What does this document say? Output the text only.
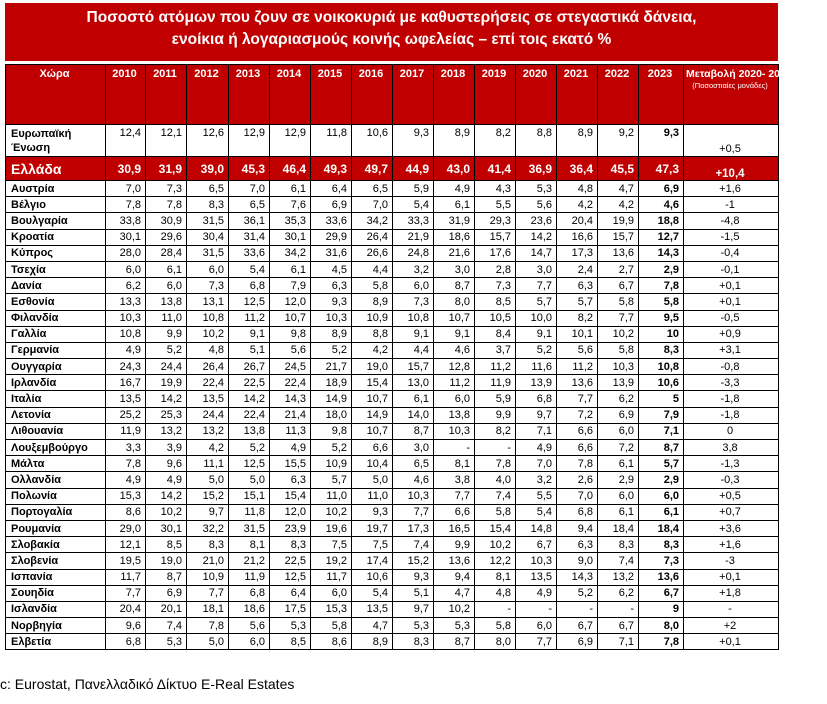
Ποσοστό ατόμων που ζουν σε νοικοκυριά με καθυστερήσεις σε στεγαστικά δάνεια,
ενοίκια ή λογαριασμούς κοινής ωφελείας – επί τοις εκατό %
Χώρα	2010	2011	2012	2013	2014	2015	2016	2017	2018	2019	2020	2021	2022	2023	Μεταβολή 2020- 2023
(Ποσοστιαίες μονάδες)

Ευρωπαϊκή Ένωση	12,4	12,1	12,6	12,9	12,9	11,8	10,6	9,3	8,9	8,2	8,8	8,9	9,2	9,3	+0,5
Ελλάδα	30,9	31,9	39,0	45,3	46,4	49,3	49,7	44,9	43,0	41,4	36,9	36,4	45,5	47,3	+10,4
Αυστρία	7,0	7,3	6,5	7,0	6,1	6,4	6,5	5,9	4,9	4,3	5,3	4,8	4,7	6,9	+1,6
Βέλγιο	7,8	7,8	8,3	6,5	7,6	6,9	7,0	5,4	6,1	5,5	5,6	4,2	4,2	4,6	-1
Βουλγαρία	33,8	30,9	31,5	36,1	35,3	33,6	34,2	33,3	31,9	29,3	23,6	20,4	19,9	18,8	-4,8
Κροατία	30,1	29,6	30,4	31,4	30,1	29,9	26,4	21,9	18,6	15,7	14,2	16,6	15,7	12,7	-1,5
Κύπρος	28,0	28,4	31,5	33,6	34,2	31,6	26,6	24,8	21,6	17,6	14,7	17,3	13,6	14,3	-0,4
Τσεχία	6,0	6,1	6,0	5,4	6,1	4,5	4,4	3,2	3,0	2,8	3,0	2,4	2,7	2,9	-0,1
Δανία	6,2	6,0	7,3	6,8	7,9	6,3	5,8	6,0	8,7	7,3	7,7	6,3	6,7	7,8	+0,1
Εσθονία	13,3	13,8	13,1	12,5	12,0	9,3	8,9	7,3	8,0	8,5	5,7	5,7	5,8	5,8	+0,1
Φιλανδία	10,3	11,0	10,8	11,2	10,7	10,3	10,9	10,8	10,7	10,5	10,0	8,2	7,7	9,5	-0,5
Γαλλία	10,8	9,9	10,2	9,1	9,8	8,9	8,8	9,1	9,1	8,4	9,1	10,1	10,2	10	+0,9
Γερμανία	4,9	5,2	4,8	5,1	5,6	5,2	4,2	4,4	4,6	3,7	5,2	5,6	5,8	8,3	+3,1
Ουγγαρία	24,3	24,4	26,4	26,7	24,5	21,7	19,0	15,7	12,8	11,2	11,6	11,2	10,3	10,8	-0,8
Ιρλανδία	16,7	19,9	22,4	22,5	22,4	18,9	15,4	13,0	11,2	11,9	13,9	13,6	13,9	10,6	-3,3
Ιταλία	13,5	14,2	13,5	14,2	14,3	14,9	10,7	6,1	6,0	5,9	6,8	7,7	6,2	5	-1,8
Λετονία	25,2	25,3	24,4	22,4	21,4	18,0	14,9	14,0	13,8	9,9	9,7	7,2	6,9	7,9	-1,8
Λιθουανία	11,9	13,2	13,2	13,8	11,3	9,8	10,7	8,7	10,3	8,2	7,1	6,6	6,0	7,1	0
Λουξεμβούργο	3,3	3,9	4,2	5,2	4,9	5,2	6,6	3,0	-	-	4,9	6,6	7,2	8,7	3,8
Μάλτα	7,8	9,6	11,1	12,5	15,5	10,9	10,4	6,5	8,1	7,8	7,0	7,8	6,1	5,7	-1,3
Ολλανδία	4,9	4,9	5,0	5,0	6,3	5,7	5,0	4,6	3,8	4,0	3,2	2,6	2,9	2,9	-0,3
Πολωνία	15,3	14,2	15,2	15,1	15,4	11,0	11,0	10,3	7,7	7,4	5,5	7,0	6,0	6,0	+0,5
Πορτογαλία	8,6	10,2	9,7	11,8	12,0	10,2	9,3	7,7	6,6	5,8	5,4	6,8	6,1	6,1	+0,7
Ρουμανία	29,0	30,1	32,2	31,5	23,9	19,6	19,7	17,3	16,5	15,4	14,8	9,4	18,4	18,4	+3,6
Σλοβακία	12,1	8,5	8,3	8,1	8,3	7,5	7,5	7,4	9,9	10,2	6,7	6,3	8,3	8,3	+1,6
Σλοβενία	19,5	19,0	21,0	21,2	22,5	19,2	17,4	15,2	13,6	12,2	10,3	9,0	7,4	7,3	-3
Ισπανία	11,7	8,7	10,9	11,9	12,5	11,7	10,6	9,3	9,4	8,1	13,5	14,3	13,2	13,6	+0,1
Σουηδία	7,7	6,9	7,7	6,8	6,4	6,0	5,4	5,1	4,7	4,8	4,9	5,2	6,2	6,7	+1,8
Ισλανδία	20,4	20,1	18,1	18,6	17,5	15,3	13,5	9,7	10,2	-	-	-	-	9	-
Νορβηγία	9,6	7,4	7,8	5,6	5,3	5,8	4,7	5,3	5,3	5,8	6,0	6,7	6,7	8,0	+2
Ελβετία	6,8	5,3	5,0	6,0	8,5	8,6	8,9	8,3	8,7	8,0	7,7	6,9	7,1	7,8	+0,1
c: Eurostat, Πανελλαδικό Δίκτυο E-Real Estates
